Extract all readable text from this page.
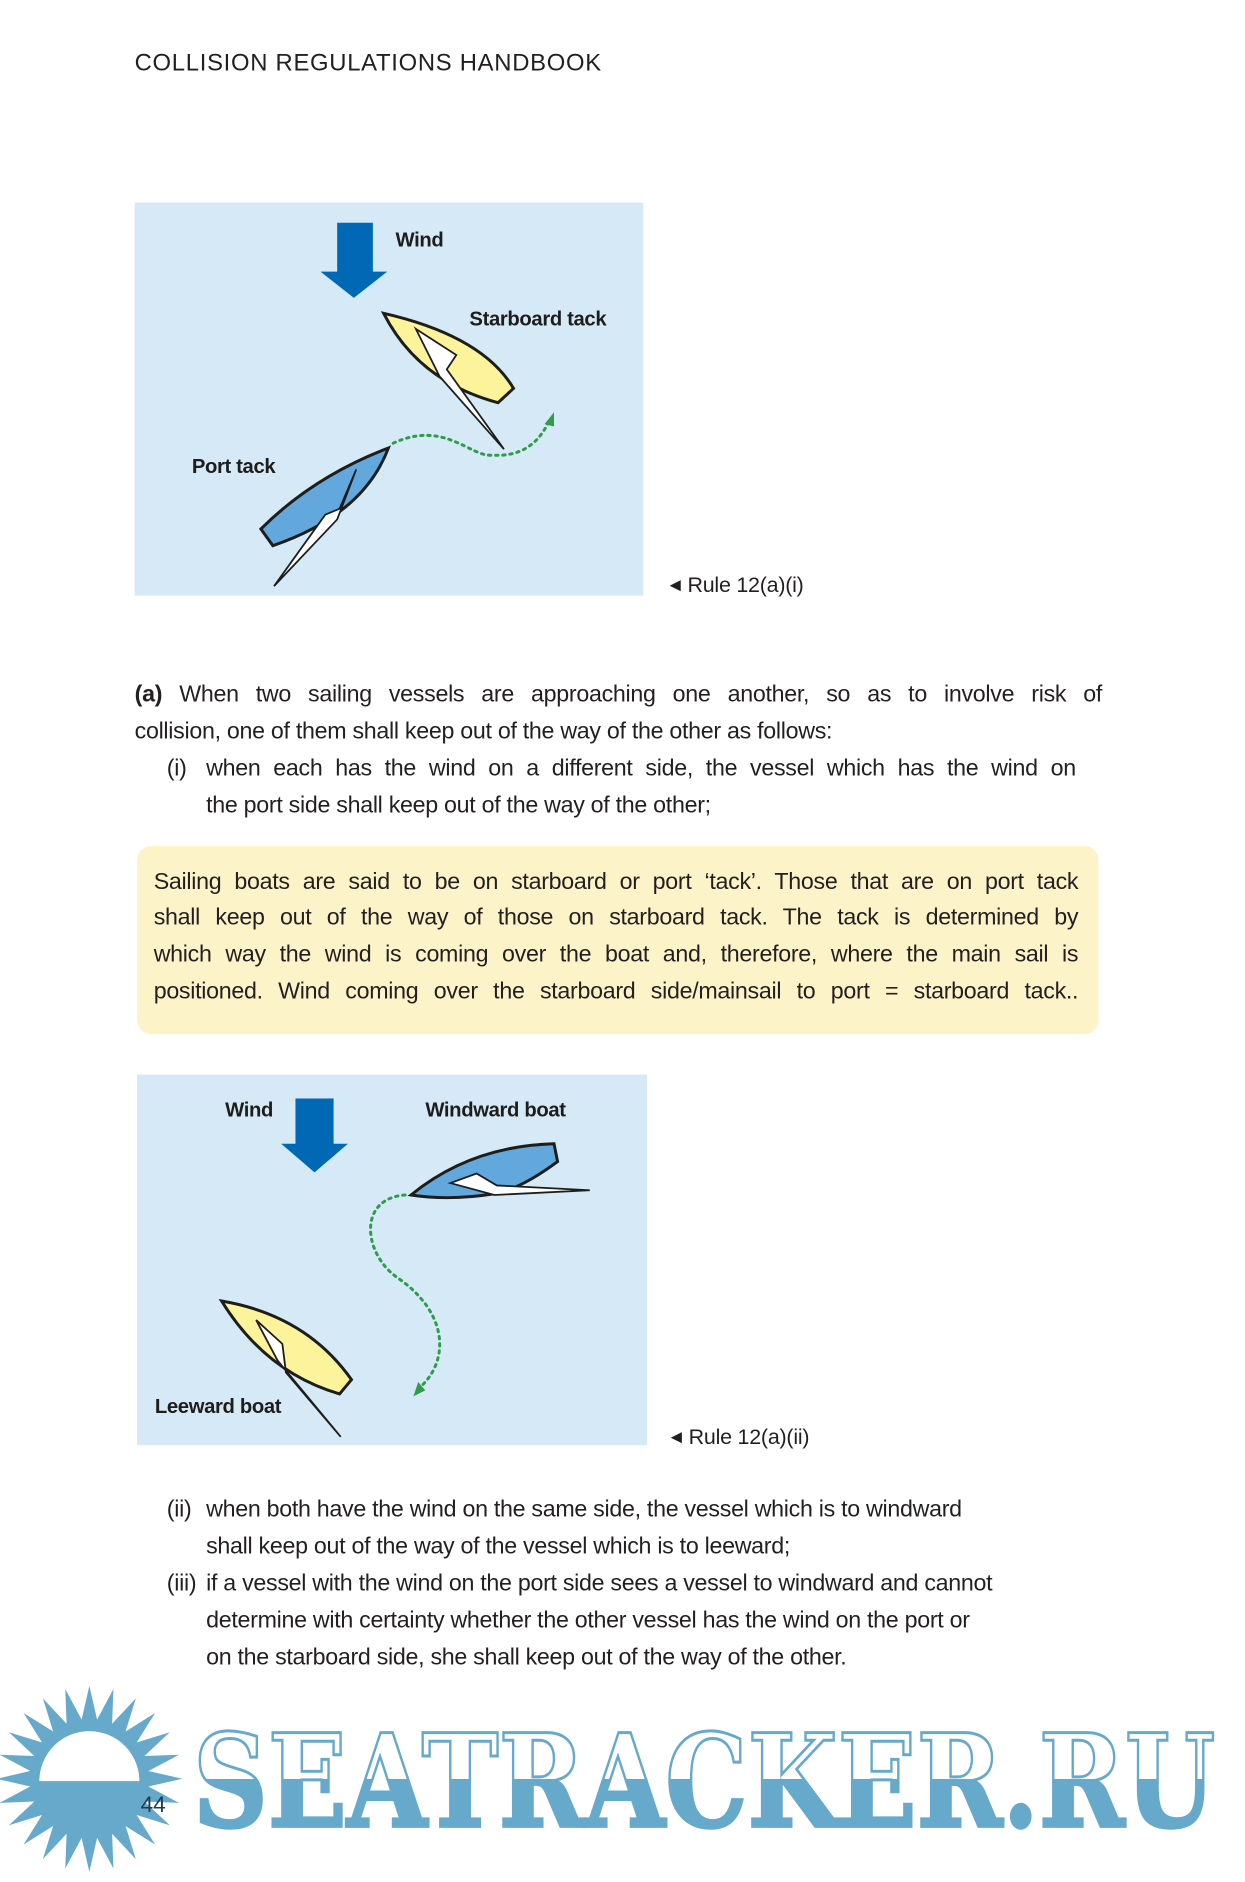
COLLISION REGULATIONS HANDBOOK
Wind
Starboard tack
Port tack
◀ Rule 12(a)(i)
(a) When two sailing vessels are approaching one another, so as to involve risk of
collision, one of them shall keep out of the way of the other as follows:
(i) when each has the wind on a different side, the vessel which has the wind on
the port side shall keep out of the way of the other;
Sailing boats are said to be on starboard or port ‘tack’. Those that are on port tack
shall keep out of the way of those on starboard tack. The tack is determined by
which way the wind is coming over the boat and, therefore, where the main sail is
positioned. Wind coming over the starboard side/mainsail to port = starboard tack..
Wind	Windward boat
Leeward boat
◀ Rule 12(a)(ii)
(ii) when both have the wind on the same side, the vessel which is to windward
shall keep out of the way of the vessel which is to leeward;
(iii) if a vessel with the wind on the port side sees a vessel to windward and cannot
determine with certainty whether the other vessel has the wind on the port or
on the starboard side, she shall keep out of the way of the other.
SEATRACKER.RU
44
